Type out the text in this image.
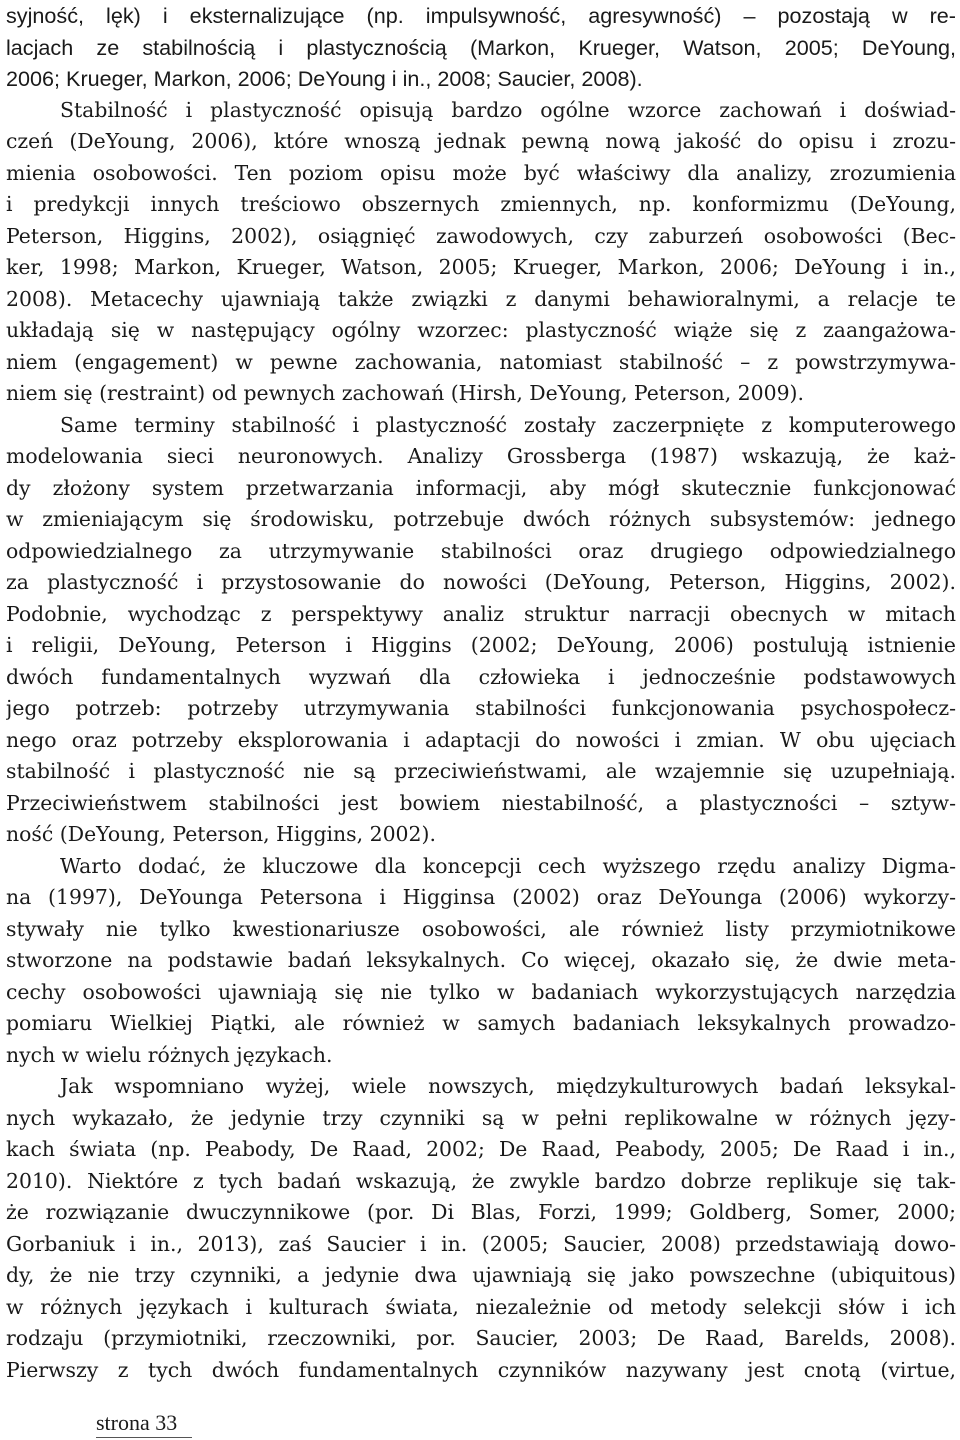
syjność, lęk) i eksternalizujące (np. impulsywność, agresywność) – pozostają w re-
lacjach ze stabilnością i plastycznością (Markon, Krueger, Watson, 2005; DeYoung,
2006; Krueger, Markon, 2006; DeYoung i in., 2008; Saucier, 2008).
Stabilność i plastyczność opisują bardzo ogólne wzorce zachowań i doświad-
czeń (DeYoung, 2006), które wnoszą jednak pewną nową jakość do opisu i zrozu-
mienia osobowości. Ten poziom opisu może być właściwy dla analizy, zrozumienia
i predykcji innych treściowo obszernych zmiennych, np. konformizmu (DeYoung,
Peterson, Higgins, 2002), osiągnięć zawodowych, czy zaburzeń osobowości (Bec-
ker, 1998; Markon, Krueger, Watson, 2005; Krueger, Markon, 2006; DeYoung i in.,
2008). Metacechy ujawniają także związki z danymi behawioralnymi, a relacje te
układają się w następujący ogólny wzorzec: plastyczność wiąże się z zaangażowa-
niem (engagement) w pewne zachowania, natomiast stabilność – z powstrzymywa-
niem się (restraint) od pewnych zachowań (Hirsh, DeYoung, Peterson, 2009).
Same terminy stabilność i plastyczność zostały zaczerpnięte z komputerowego
modelowania sieci neuronowych. Analizy Grossberga (1987) wskazują, że każ-
dy złożony system przetwarzania informacji, aby mógł skutecznie funkcjonować
w zmieniającym się środowisku, potrzebuje dwóch różnych subsystemów: jednego
odpowiedzialnego za utrzymywanie stabilności oraz drugiego odpowiedzialnego
za plastyczność i przystosowanie do nowości (DeYoung, Peterson, Higgins, 2002).
Podobnie, wychodząc z perspektywy analiz struktur narracji obecnych w mitach
i religii, DeYoung, Peterson i Higgins (2002; DeYoung, 2006) postulują istnienie
dwóch fundamentalnych wyzwań dla człowieka i jednocześnie podstawowych
jego potrzeb: potrzeby utrzymywania stabilności funkcjonowania psychospołecz-
nego oraz potrzeby eksplorowania i adaptacji do nowości i zmian. W obu ujęciach
stabilność i plastyczność nie są przeciwieństwami, ale wzajemnie się uzupełniają.
Przeciwieństwem stabilności jest bowiem niestabilność, a plastyczności – sztyw-
ność (DeYoung, Peterson, Higgins, 2002).
Warto dodać, że kluczowe dla koncepcji cech wyższego rzędu analizy Digma-
na (1997), DeYounga Petersona i Higginsa (2002) oraz DeYounga (2006) wykorzy-
stywały nie tylko kwestionariusze osobowości, ale również listy przymiotnikowe
stworzone na podstawie badań leksykalnych. Co więcej, okazało się, że dwie meta-
cechy osobowości ujawniają się nie tylko w badaniach wykorzystujących narzędzia
pomiaru Wielkiej Piątki, ale również w samych badaniach leksykalnych prowadzo-
nych w wielu różnych językach.
Jak wspomniano wyżej, wiele nowszych, międzykulturowych badań leksykal-
nych wykazało, że jedynie trzy czynniki są w pełni replikowalne w różnych języ-
kach świata (np. Peabody, De Raad, 2002; De Raad, Peabody, 2005; De Raad i in.,
2010). Niektóre z tych badań wskazują, że zwykle bardzo dobrze replikuje się tak-
że rozwiązanie dwuczynnikowe (por. Di Blas, Forzi, 1999; Goldberg, Somer, 2000;
Gorbaniuk i in., 2013), zaś Saucier i in. (2005; Saucier, 2008) przedstawiają dowo-
dy, że nie trzy czynniki, a jedynie dwa ujawniają się jako powszechne (ubiquitous)
w różnych językach i kulturach świata, niezależnie od metody selekcji słów i ich
rodzaju (przymiotniki, rzeczowniki, por. Saucier, 2003; De Raad, Barelds, 2008).
Pierwszy z tych dwóch fundamentalnych czynników nazywany jest cnotą (virtue,
strona 33
